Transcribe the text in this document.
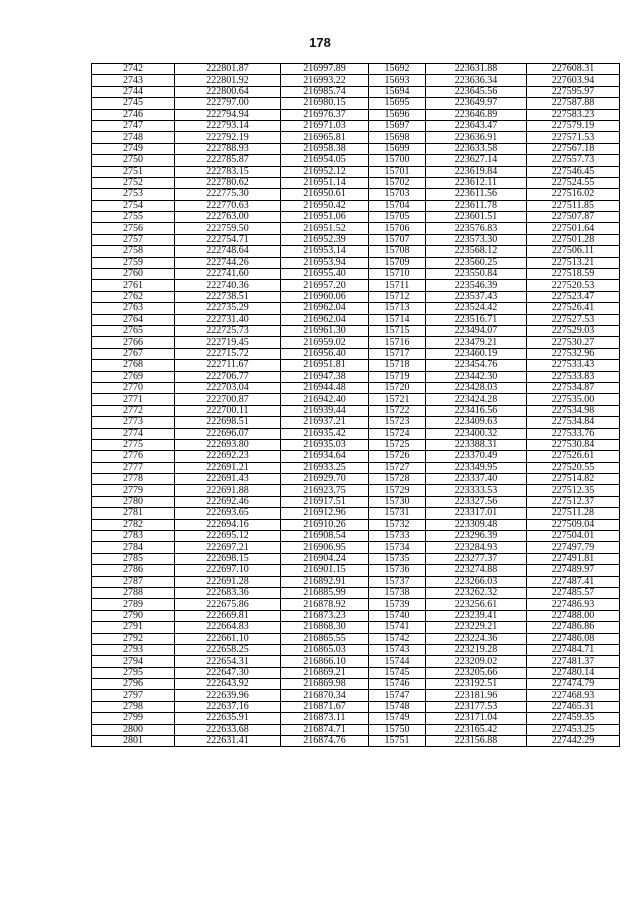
178
2742	222801.87	216997.89	15692	223631.88	227608.31
2743	222801.92	216993.22	15693	223636.34	227603.94
2744	222800.64	216985.74	15694	223645.56	227595.97
2745	222797.00	216980.15	15695	223649.97	227587.88
2746	222794.94	216976.37	15696	223646.89	227583.23
2747	222793.14	216971.03	15697	223643.47	227579.19
2748	222792.19	216965.81	15698	223636.91	227571.53
2749	222788.93	216958.38	15699	223633.58	227567.18
2750	222785.87	216954.05	15700	223627.14	227557.73
2751	222783.15	216952.12	15701	223619.84	227546.45
2752	222780.62	216951.14	15702	223612.11	227524.55
2753	222775.30	216950.61	15703	223611.56	227516.02
2754	222770.63	216950.42	15704	223611.78	227511.85
2755	222763.00	216951.06	15705	223601.51	227507.87
2756	222759.50	216951.52	15706	223576.83	227501.64
2757	222754.71	216952.39	15707	223573.30	227501.28
2758	222748.64	216953.14	15708	223568.12	227506.11
2759	222744.26	216953.94	15709	223560.25	227513.21
2760	222741.60	216955.40	15710	223550.84	227518.59
2761	222740.36	216957.20	15711	223546.39	227520.53
2762	222738.51	216960.06	15712	223537.43	227523.47
2763	222735.29	216962.04	15713	223524.42	227526.41
2764	222731.40	216962.04	15714	223516.71	227527.53
2765	222725.73	216961.30	15715	223494.07	227529.03
2766	222719.45	216959.02	15716	223479.21	227530.27
2767	222715.72	216956.40	15717	223460.19	227532.96
2768	222711.67	216951.81	15718	223454.76	227533.43
2769	222706.77	216947.38	15719	223442.30	227533.83
2770	222703.04	216944.48	15720	223428.03	227534.87
2771	222700.87	216942.40	15721	223424.28	227535.00
2772	222700.11	216939.44	15722	223416.56	227534.98
2773	222698.51	216937.21	15723	223409.63	227534.84
2774	222696.07	216935.42	15724	223400.32	227533.76
2775	222693.80	216935.03	15725	223388.31	227530.84
2776	222692.23	216934.64	15726	223370.49	227526.61
2777	222691.21	216933.25	15727	223349.95	227520.55
2778	222691.43	216929.70	15728	223337.40	227514.82
2779	222691.88	216923.75	15729	223333.53	227512.35
2780	222692.46	216917.51	15730	223327.56	227512.37
2781	222693.65	216912.96	15731	223317.01	227511.28
2782	222694.16	216910.26	15732	223309.48	227509.04
2783	222695.12	216908.54	15733	223296.39	227504.01
2784	222697.21	216906.95	15734	223284.93	227497.79
2785	222698.15	216904.24	15735	223277.37	227491.81
2786	222697.10	216901.15	15736	223274.88	227489.97
2787	222691.28	216892.91	15737	223266.03	227487.41
2788	222683.36	216885.99	15738	223262.32	227485.57
2789	222675.86	216878.92	15739	223256.61	227486.93
2790	222669.81	216873.23	15740	223239.41	227488.00
2791	222664.83	216868.30	15741	223229.21	227486.86
2792	222661.10	216865.55	15742	223224.36	227486.08
2793	222658.25	216865.03	15743	223219.28	227484.71
2794	222654.31	216866.10	15744	223209.02	227481.37
2795	222647.30	216869.21	15745	223205.66	227480.14
2796	222643.92	216869.98	15746	223192.51	227474.79
2797	222639.96	216870.34	15747	223181.96	227468.93
2798	222637.16	216871.67	15748	223177.53	227465.31
2799	222635.91	216873.11	15749	223171.04	227459.35
2800	222633.68	216874.71	15750	223165.42	227453.25
2801	222631.41	216874.76	15751	223156.88	227442.29
